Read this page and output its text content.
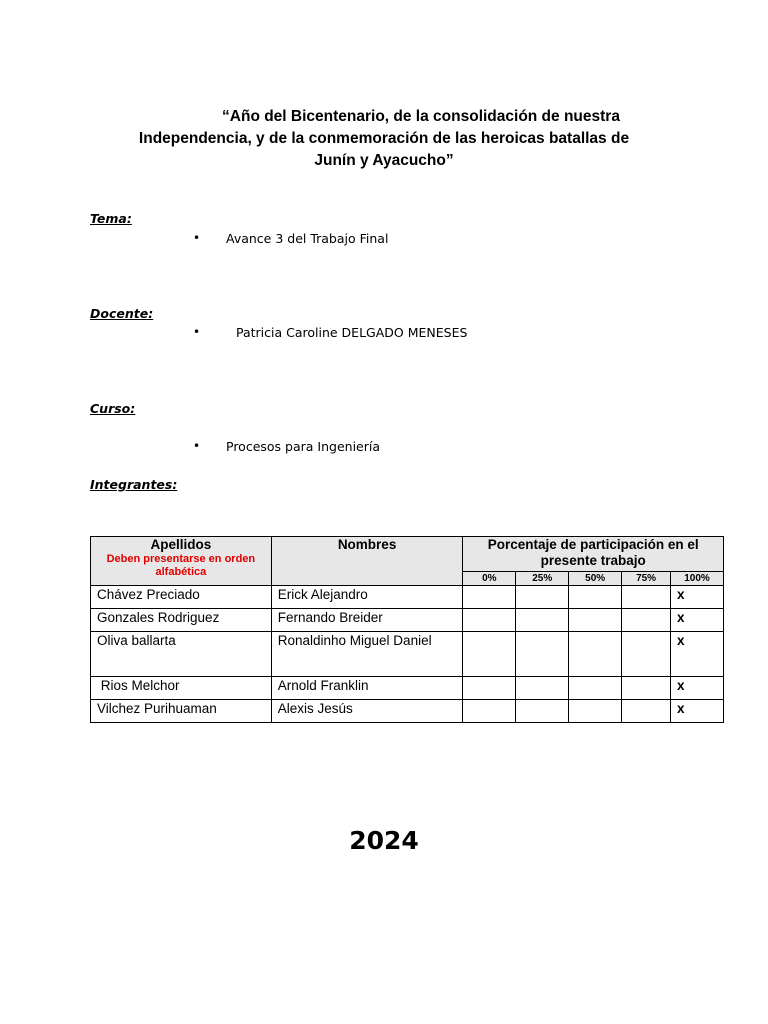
“Año del Bicentenario, de la consolidación de nuestra
Independencia, y de la conmemoración de las heroicas batallas de
Junín y Ayacucho”
Tema:
• Avance 3 del Trabajo Final
Docente:
•	Patricia Caroline DELGADO MENESES
Curso:
• Procesos para Ingeniería
Integrantes:
Apellidos
Deben presentarse en orden alfabética	Nombres	Porcentaje de participación en el presente trabajo				
		0%	25%	50%	75%	100%
Chávez Preciado	Erick Alejandro					x
Gonzales Rodriguez	Fernando Breider					x
Oliva ballarta	Ronaldinho Miguel Daniel					x
Rios Melchor	Arnold Franklin					x
Vilchez Purihuaman	Alexis Jesús					x
2024
